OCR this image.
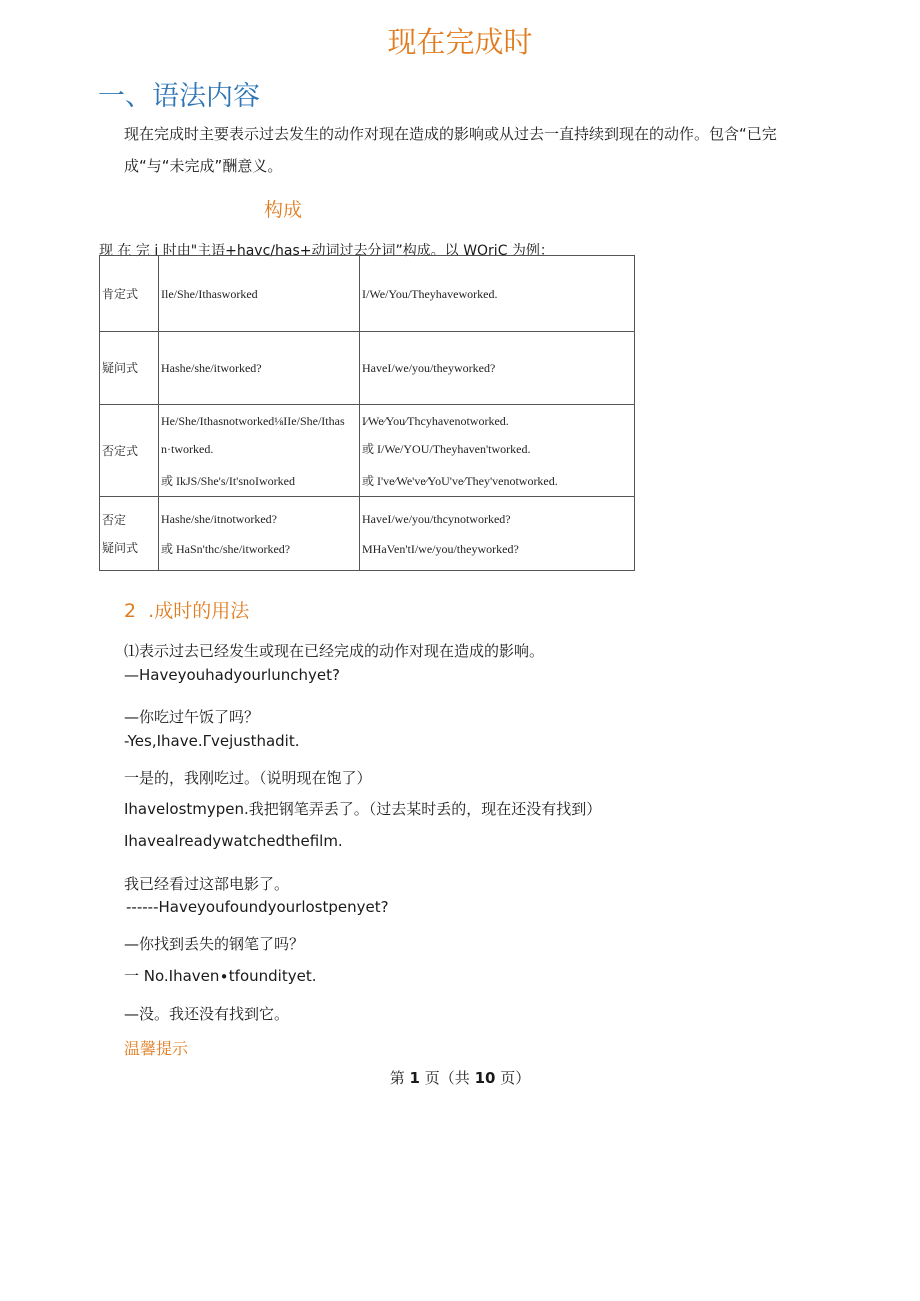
现在完成时
一、语法内容
现在完成时主要表示过去发生的动作对现在造成的影响或从过去一直持续到现在的动作。包含“已完
成“与“未完成”酬意义。
构成
现 在 完 i 时由"主语+havc∕has+动词过去分词”构成。以 WOriC 为例：
肯定式	Ile/She/Ithasworked	I/We/You/Theyhaveworked.

疑问式	Hashe/she/itworked?	HaveI/we/you/theyworked?

否定式	He/She/Ithasnotworked⅛IIe/She/Ithas
n·tworked.
或 IkJS/She's/It'snoIworked	I∕We∕You∕Thcyhavenotworked.
或 I/We/YOU/Theyhaven'tworked.
或 I've∕We've∕YoU've∕They'venotworked.

否定
疑问式	Hashe/she/itnotworked?
或 HaSn'thc/she/itworked?	HaveI/we/you/thcynotworked?
MHaVen'tI/we/you/theyworked?
2  .成时的用法
⑴表示过去已经发生或现在已经完成的动作对现在造成的影响。
—Haveyouhadyourlunchyet?
—你吃过午饭了吗？
-Yes,Ihave.Γvejusthadit.
一是的，我刚吃过。（说明现在饱了）
Ihavelostmypen.我把钢笔弄丢了。（过去某时丢的，现在还没有找到）
Ihavealreadywatchedthefilm.
我已经看过这部电影了。
------Haveyoufoundyourlostpenyet?
—你找到丢失的钢笔了吗？
一 No.Ihaven∙tfounditye​t.
—没。我还没有找到它。
温馨提示
第 1 页（共 10 页）
